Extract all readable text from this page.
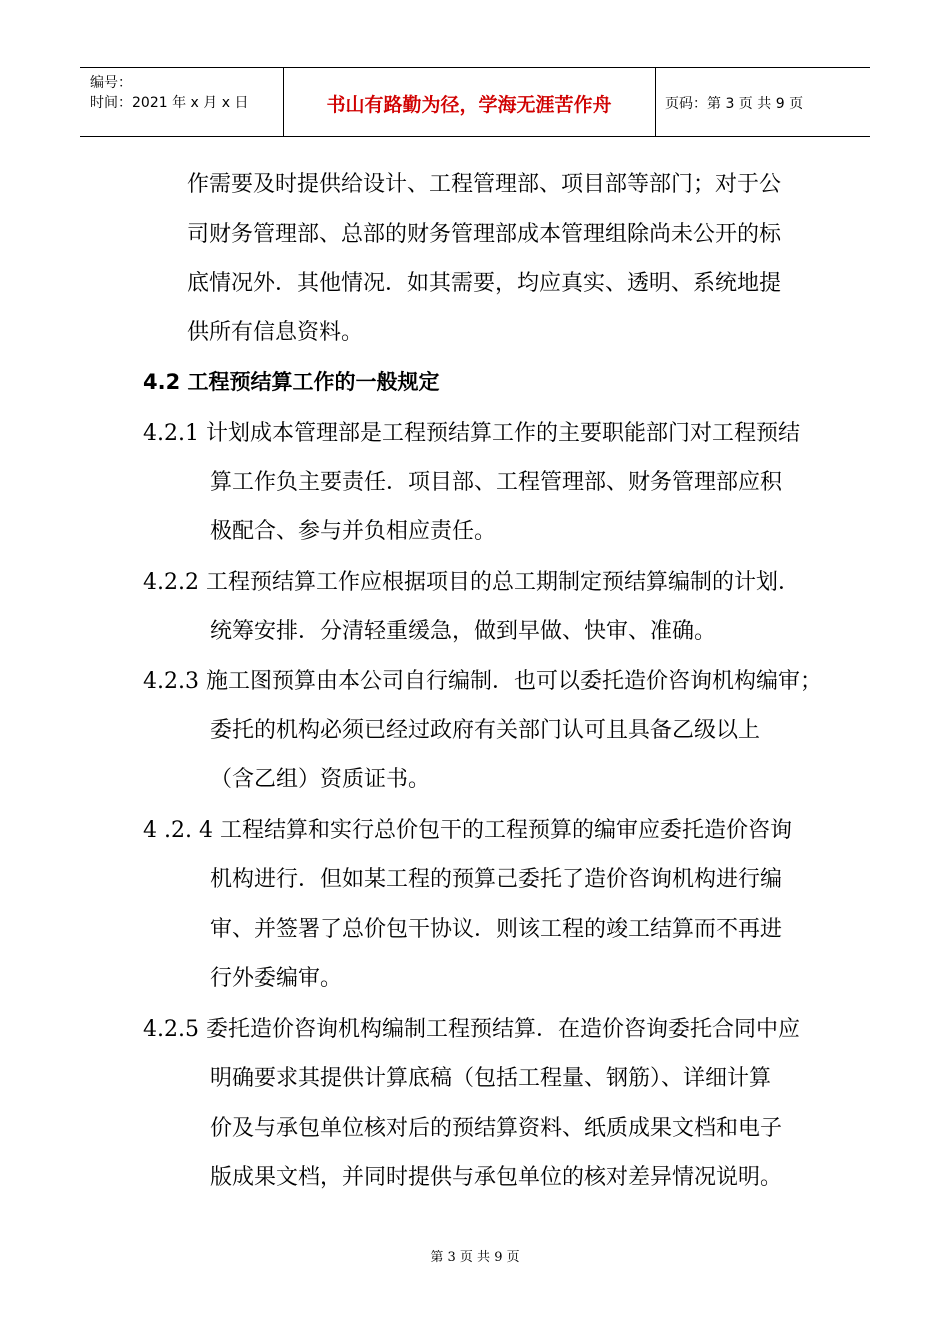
编号：
时间：2021 年 x 月 x 日	书山有路勤为径，学海无涯苦作舟	页码：第 3 页 共 9 页
作需要及时提供给设计、工程管理部、项目部等部门；对于公
司财务管理部、总部的财务管理部成本管理组除尚未公开的标
底情况外．其他情况．如其需要，均应真实、透明、系统地提
供所有信息资料。
4.2 工程预结算工作的一般规定
4.2.1 计划成本管理部是工程预结算工作的主要职能部门对工程预结
算工作负主要责任．项目部、工程管理部、财务管理部应积
极配合、参与并负相应责任。
4.2.2 工程预结算工作应根据项目的总工期制定预结算编制的计划．
统筹安排．分清轻重缓急，做到早做、快审、准确。
4.2.3 施工图预算由本公司自行编制．也可以委托造价咨询机构编审；
委托的机构必须已经过政府有关部门认可且具备乙级以上
（含乙组）资质证书。
4 .2. 4 工程结算和实行总价包干的工程预算的编审应委托造价咨询
机构进行．但如某工程的预算己委托了造价咨询机构进行编
审、并签署了总价包干协议．则该工程的竣工结算而不再进
行外委编审。
4.2.5 委托造价咨询机构编制工程预结算．在造价咨询委托合同中应
明确要求其提供计算底稿（包括工程量、钢筋）、详细计算
价及与承包单位核对后的预结算资料、纸质成果文档和电子
版成果文档，并同时提供与承包单位的核对差异情况说明。
第 3 页 共 9 页
